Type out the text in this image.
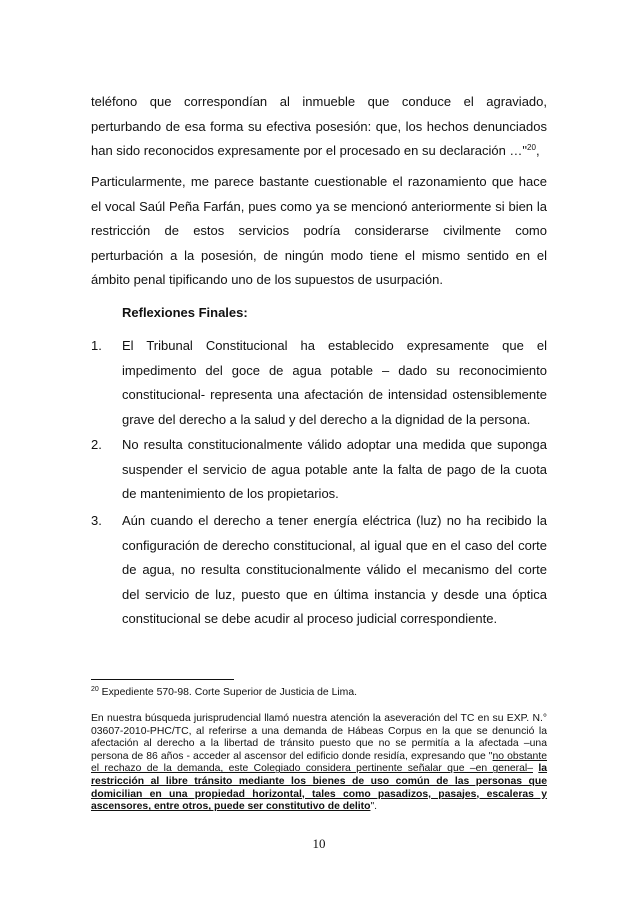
teléfono que correspondían al inmueble que conduce el agraviado, perturbando de esa forma su efectiva posesión: que, los hechos denunciados han sido reconocidos expresamente por el procesado en su declaración …"$^{20}$,

Particularmente, me parece bastante cuestionable el razonamiento que hace el vocal Saúl Peña Farfán, pues como ya se mencionó anteriormente si bien la restricción de estos servicios podría considerarse civilmente como perturbación a la posesión, de ningún modo tiene el mismo sentido en el ámbito penal tipificando uno de los supuestos de usurpación.

Reflexiones Finales:
1. El Tribunal Constitucional ha establecido expresamente que el impedimento del goce de agua potable – dado su reconocimiento constitucional- representa una afectación de intensidad ostensiblemente grave del derecho a la salud y del derecho a la dignidad de la persona.
2. No resulta constitucionalmente válido adoptar una medida que suponga suspender el servicio de agua potable ante la falta de pago de la cuota de mantenimiento de los propietarios.
3. Aún cuando el derecho a tener energía eléctrica (luz) no ha recibido la configuración de derecho constitucional, al igual que en el caso del corte de agua, no resulta constitucionalmente válido el mecanismo del corte del servicio de luz, puesto que en última instancia y desde una óptica constitucional se debe acudir al proceso judicial correspondiente.

$^{20}$ Expediente 570-98. Corte Superior de Justicia de Lima.

En nuestra búsqueda jurisprudencial llamó nuestra atención la aseveración del TC en su EXP. N.° 03607-2010-PHC/TC, al referirse a una demanda de Hábeas Corpus en la que se denunció la afectación al derecho a la libertad de tránsito puesto que no se permitía a la afectada –una persona de 86 años - acceder al ascensor del edificio donde residía, expresando que "no obstante el rechazo de la demanda, este Colegiado considera pertinente señalar que –en general– la restricción al libre tránsito mediante los bienes de uso común de las personas que domicilian en una propiedad horizontal, tales como pasadizos, pasajes, escaleras y ascensores, entre otros, puede ser constitutivo de delito".

10
